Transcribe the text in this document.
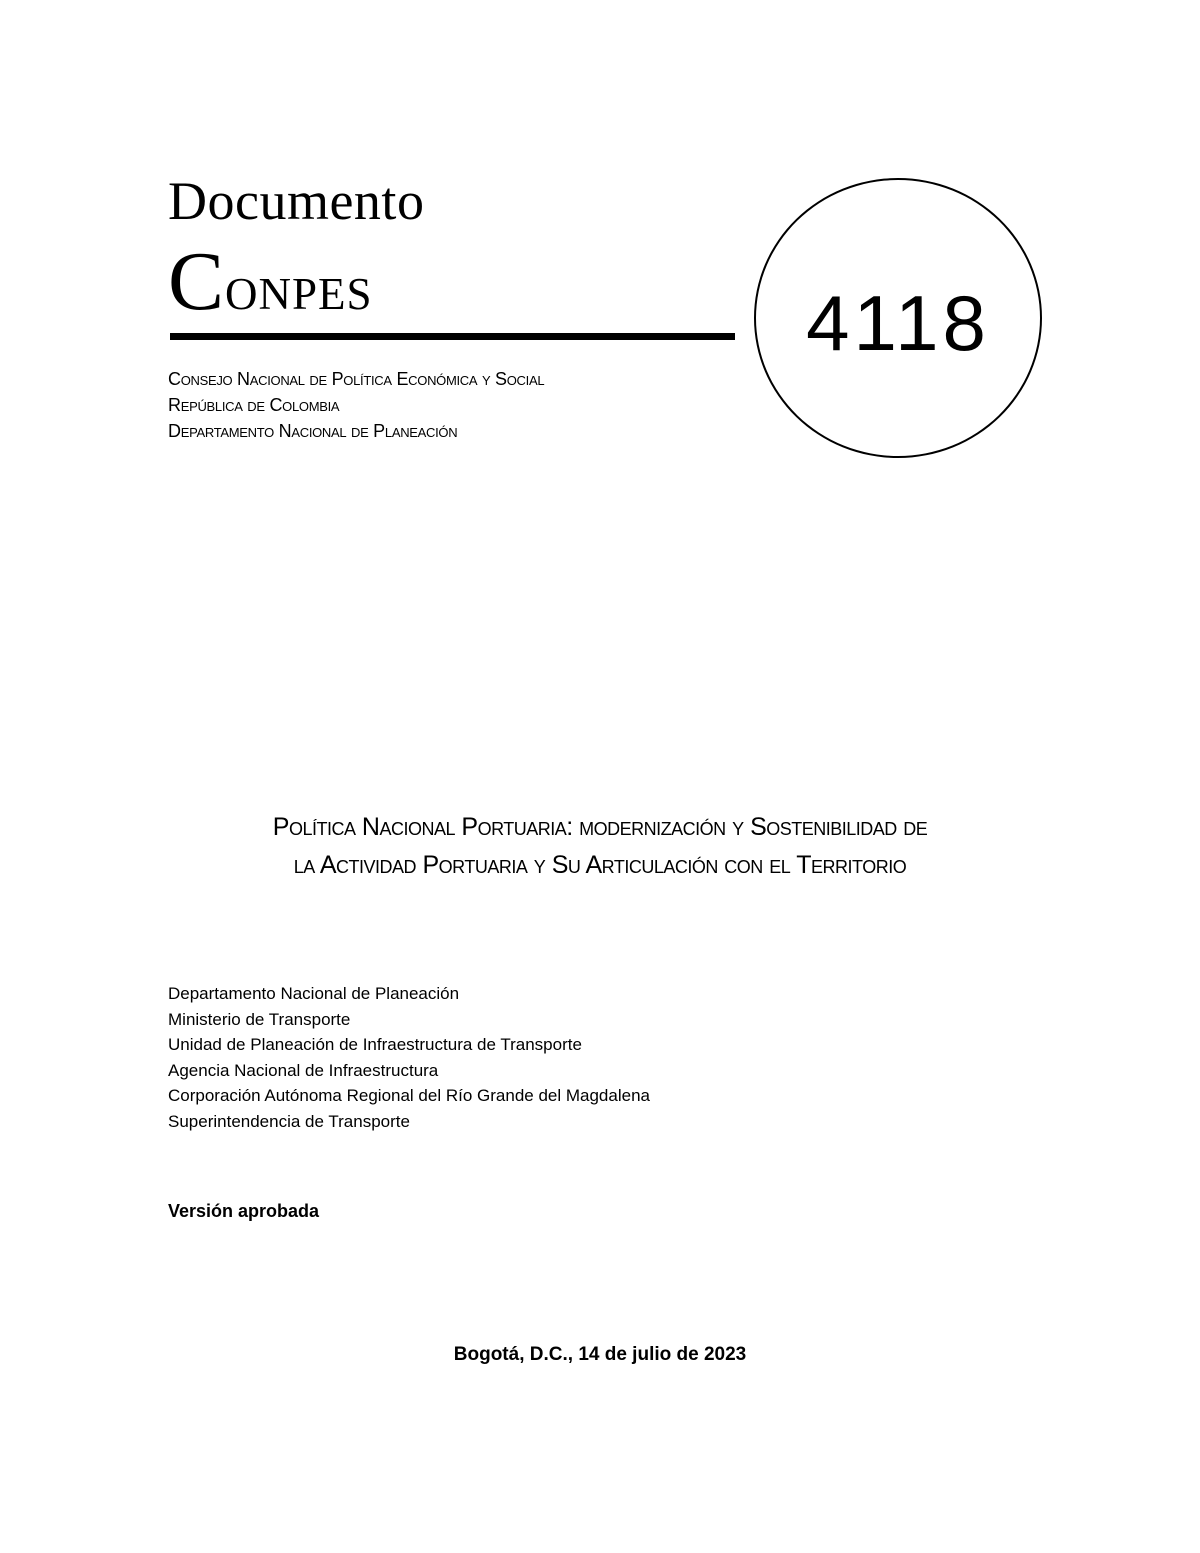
Documento
Conpes	4118
Consejo Nacional de Política Económica y Social
República de Colombia
Departamento Nacional de Planeación
Política Nacional Portuaria: modernización y Sostenibilidad de
la Actividad Portuaria y Su Articulación con el Territorio
Departamento Nacional de Planeación
Ministerio de Transporte
Unidad de Planeación de Infraestructura de Transporte
Agencia Nacional de Infraestructura
Corporación Autónoma Regional del Río Grande del Magdalena
Superintendencia de Transporte
Versión aprobada
Bogotá, D.C., 14 de julio de 2023
